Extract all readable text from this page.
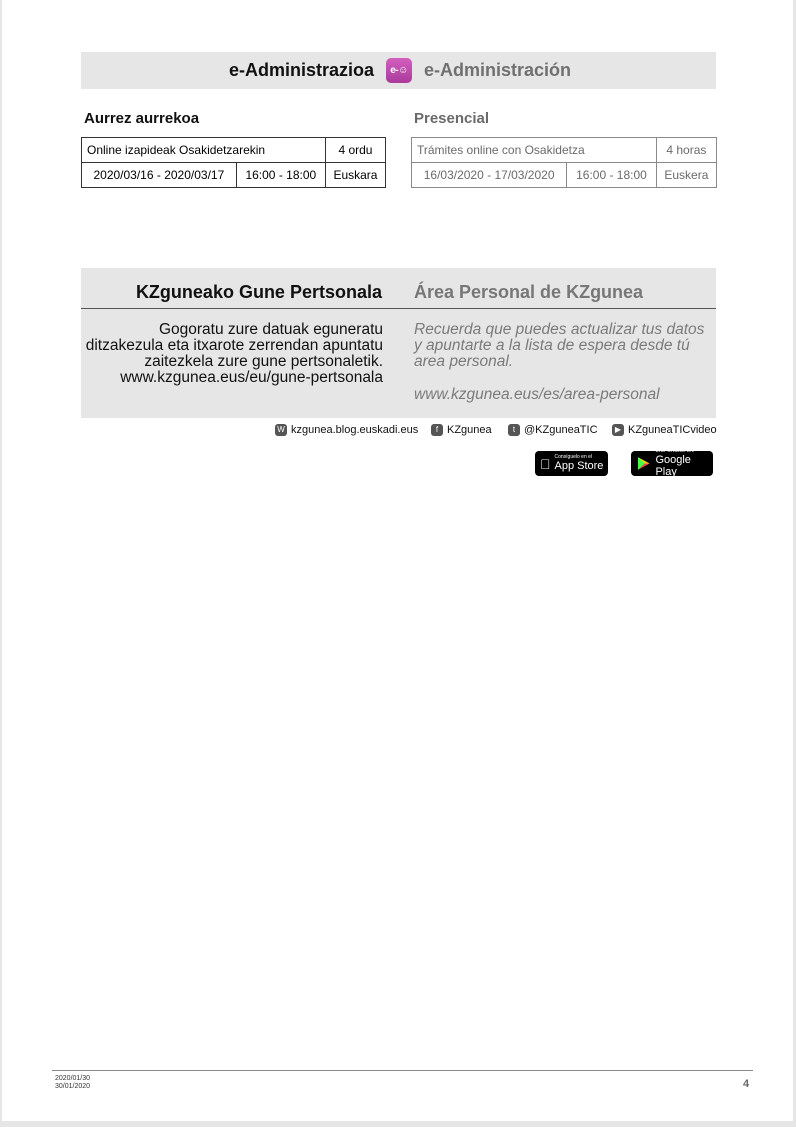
e-Administrazioa	e-☺ e-Administración
Aurrez aurrekoa
Online izapideak Osakidetzarekin		4 ordu
2020/03/16 - 2020/03/17	16:00 - 18:00	Euskara
Presencial
Trámites online con Osakidetza		4 horas
16/03/2020 - 17/03/2020	16:00 - 18:00	Euskera
KZguneako Gune Pertsonala Área Personal de KZgunea
Gogoratu zure datuak eguneratu ditzakezula eta itxarote zerrendan apuntatu zaitezkela zure gune pertsonaletik.
www.kzgunea.eus/eu/gune-pertsonala
Recuerda que puedes actualizar tus datos y apuntarte a la lista de espera desde tú area personal.
www.kzgunea.eus/es/area-personal
W kzgunea.blog.euskadi.eus	f KZgunea	t @KZguneaTIC	▶ KZguneaTICvideo
Consíguelo en el
App Store
DISPONIBLE EN
Google Play
2020/01/30
30/01/2020	4
